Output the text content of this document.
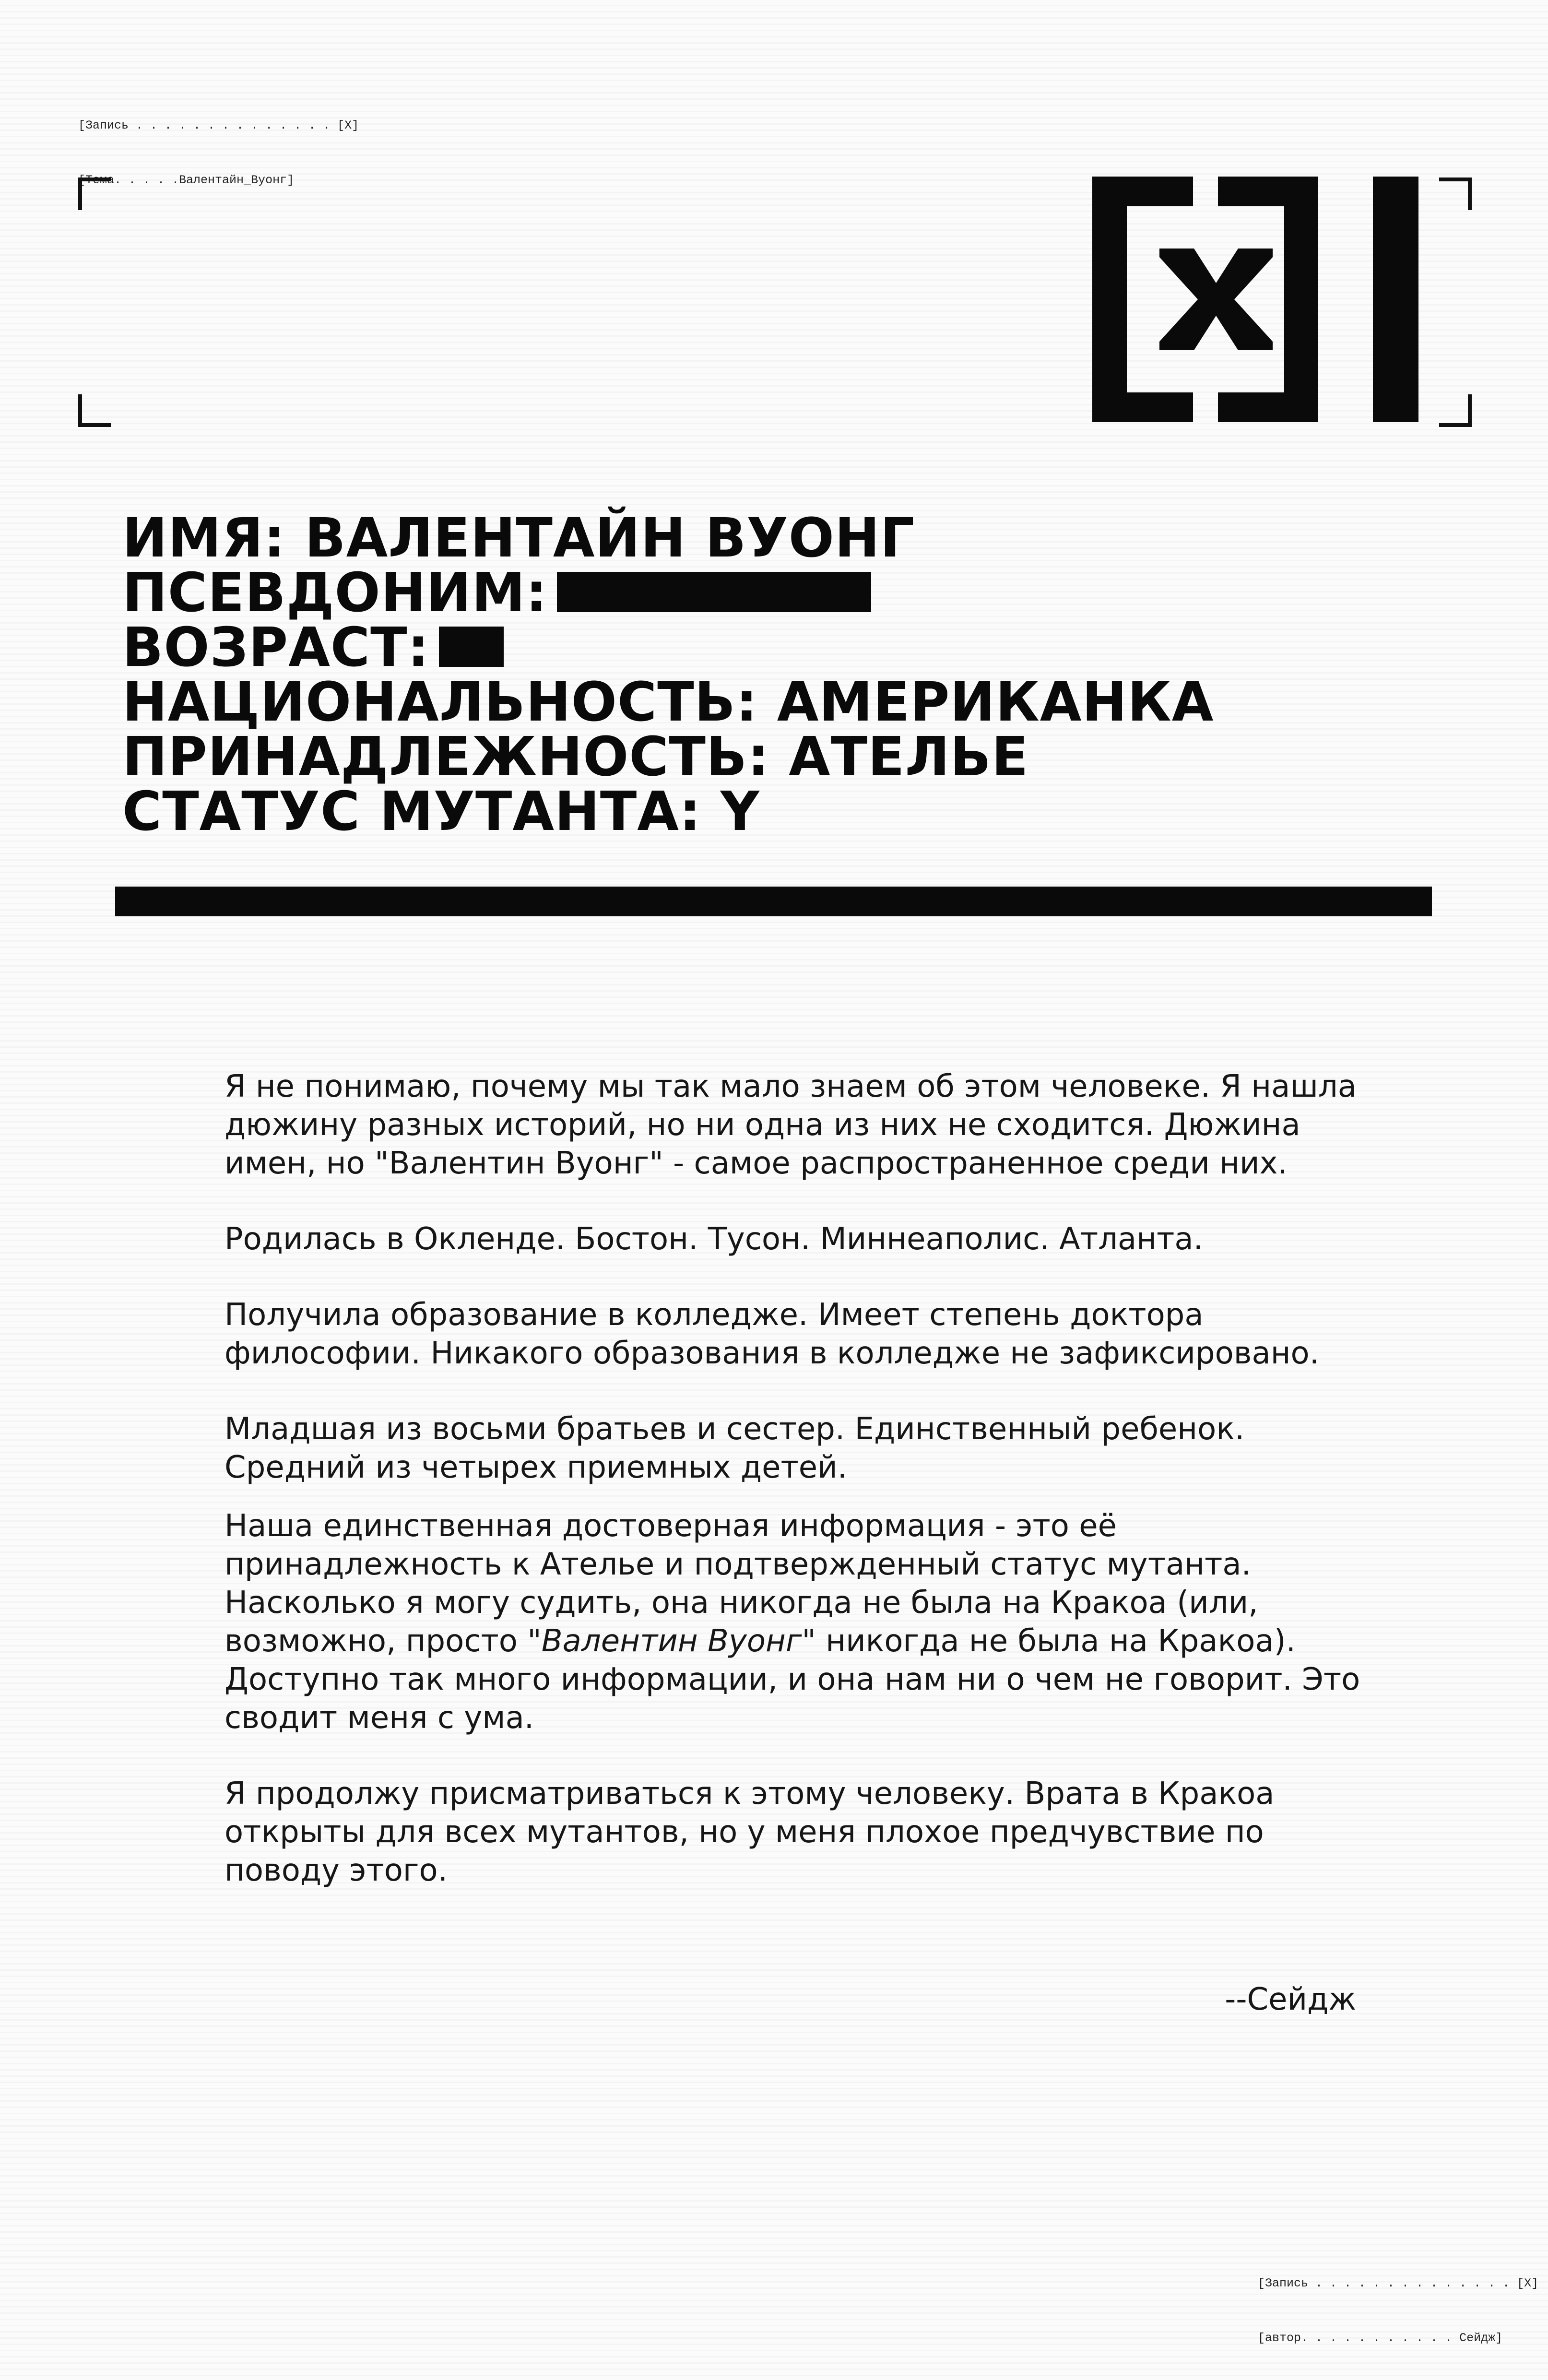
[Запись . . . . . . . . . . . . . . [X]

[Тема. . . . .Валентайн_Вуонг]

ИМЯ: ВАЛЕНТАЙН ВУОНГ

ПСЕВДОНИМ:

ВОЗРАСТ:

НАЦИОНАЛЬНОСТЬ: АМЕРИКАНКА

ПРИНАДЛЕЖНОСТЬ: АТЕЛЬЕ

СТАТУС МУТАНТА: Y

Я не понимаю, почему мы так мало знаем об этом человеке. Я нашла дюжину разных историй, но ни одна из них не сходится. Дюжина имен, но "Валентин Вуонг" - самое распространенное среди них.

Родилась в Окленде. Бостон. Тусон. Миннеаполис. Атланта.

Получила образование в колледже. Имеет степень доктора философии. Никакого образования в колледже не зафиксировано.

Младшая из восьми братьев и сестер. Единственный ребенок. Средний из четырех приемных детей.

Наша единственная достоверная информация - это её принадлежность к Ателье и подтвержденный статус мутанта. Насколько я могу судить, она никогда не была на Кракоа (или, возможно, просто "Валентин Вуонг" никогда не была на Кракоа). Доступно так много информации, и она нам ни о чем не говорит. Это сводит меня с ума.

Я продолжу присматриваться к этому человеку. Врата в Кракоа открыты для всех мутантов, но у меня плохое предчувствие по поводу этого.

--Сейдж

[Запись . . . . . . . . . . . . . . [X]

[автор. . . . . . . . . . . Сейдж]
